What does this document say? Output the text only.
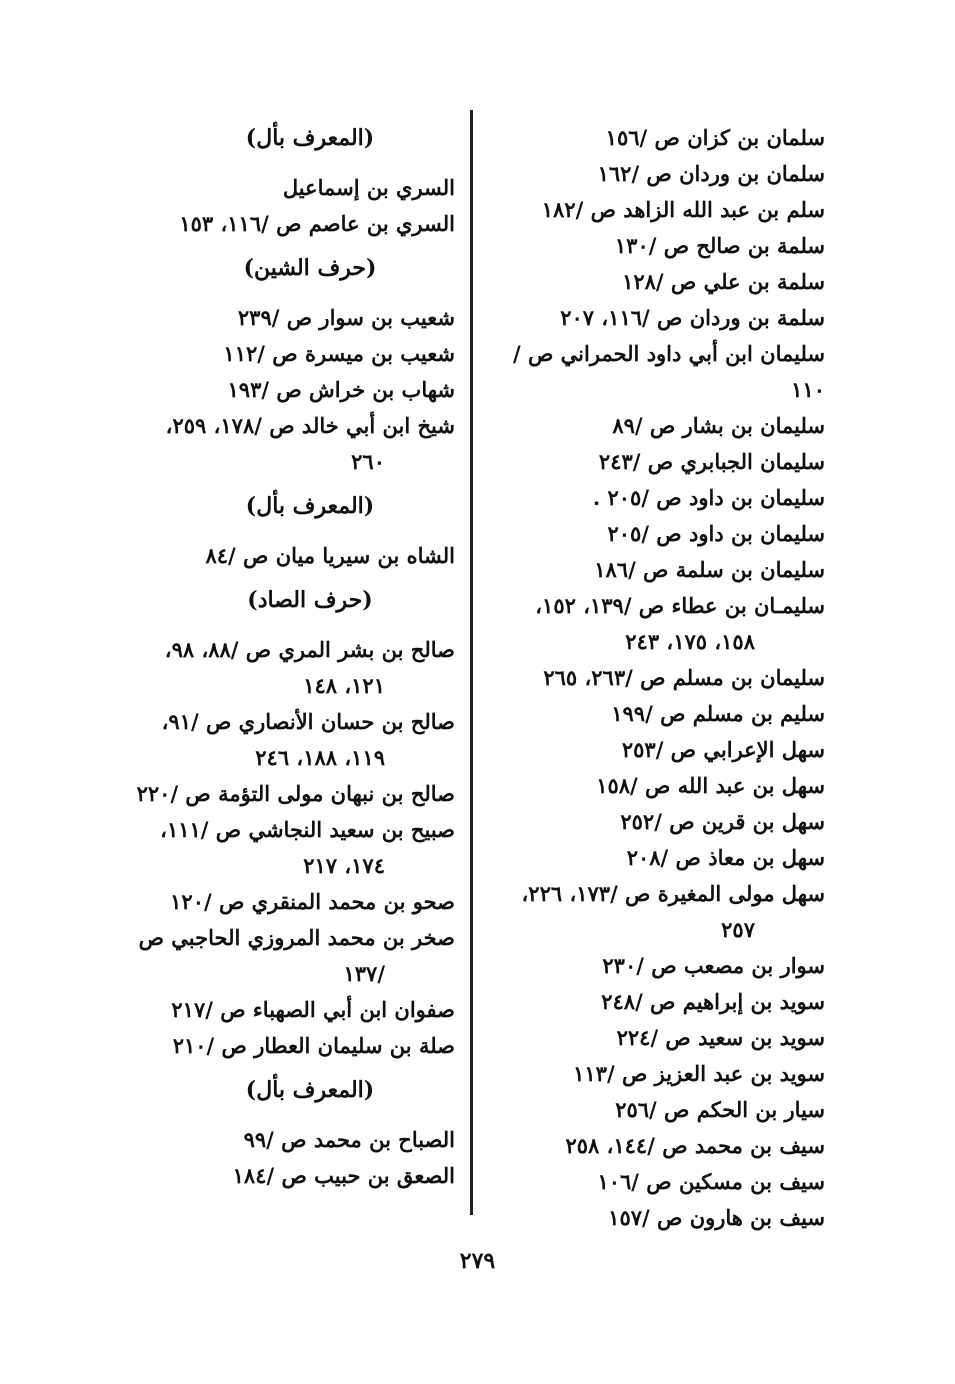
سلمان بن كزان ص /١٥٦
سلمان بن وردان ص /١٦٢
سلم بن عبد الله الزاهد ص /١٨٢
سلمة بن صالح ص /١٣٠
سلمة بن علي ص /١٢٨
سلمة بن وردان ص /١١٦، ٢٠٧
سليمان ابن أبي داود الحمراني ص /١١٠
سليمان بن بشار ص /٨٩
سليمان الجبابري ص /٢٤٣
سليمان بن داود ص /٢٠٥ .
سليمان بن داود ص /٢٠٥
سليمان بن سلمة ص /١٨٦
سليمـان بن عطاء ص /١٣٩، ١٥٢،
١٥٨، ١٧٥، ٢٤٣
سليمان بن مسلم ص /٢٦٣، ٢٦٥
سليم بن مسلم ص /١٩٩
سهل الإعرابي ص /٢٥٣
سهل بن عبد الله ص /١٥٨
سهل بن قرين ص /٢٥٢
سهل بن معاذ ص /٢٠٨
سهل مولى المغيرة ص /١٧٣، ٢٢٦،
٢٥٧
سوار بن مصعب ص /٢٣٠
سويد بن إبراهيم ص /٢٤٨
سويد بن سعيد ص /٢٢٤
سويد بن عبد العزيز ص /١١٣
سيار بن الحكم ص /٢٥٦
سيف بن محمد ص /١٤٤، ٢٥٨
سيف بن مسكين ص /١٠٦
سيف بن هارون ص /١٥٧
(المعرف بأل)
السري بن إسماعيل
السري بن عاصم ص /١١٦، ١٥٣
(حرف الشين)
شعيب بن سوار ص /٢٣٩
شعيب بن ميسرة ص /١١٢
شهاب بن خراش ص /١٩٣
شيخ ابن أبي خالد ص /١٧٨، ٢٥٩،
٢٦٠
(المعرف بأل)
الشاه بن سيريا ميان ص /٨٤
(حرف الصاد)
صالح بن بشر المري ص /٨٨، ٩٨،
١٢١، ١٤٨
صالح بن حسان الأنصاري ص /٩١،
١١٩، ١٨٨، ٢٤٦
صالح بن نبهان مولى التؤمة ص /٢٢٠
صبيح بن سعيد النجاشي ص /١١١،
١٧٤، ٢١٧
صحو بن محمد المنقري ص /١٢٠
صخر بن محمد المروزي الحاجبي ص
/١٣٧
صفوان ابن أبي الصهباء ص /٢١٧
صلة بن سليمان العطار ص /٢١٠
(المعرف بأل)
الصباح بن محمد ص /٩٩
الصعق بن حبيب ص /١٨٤
٢٧٩
